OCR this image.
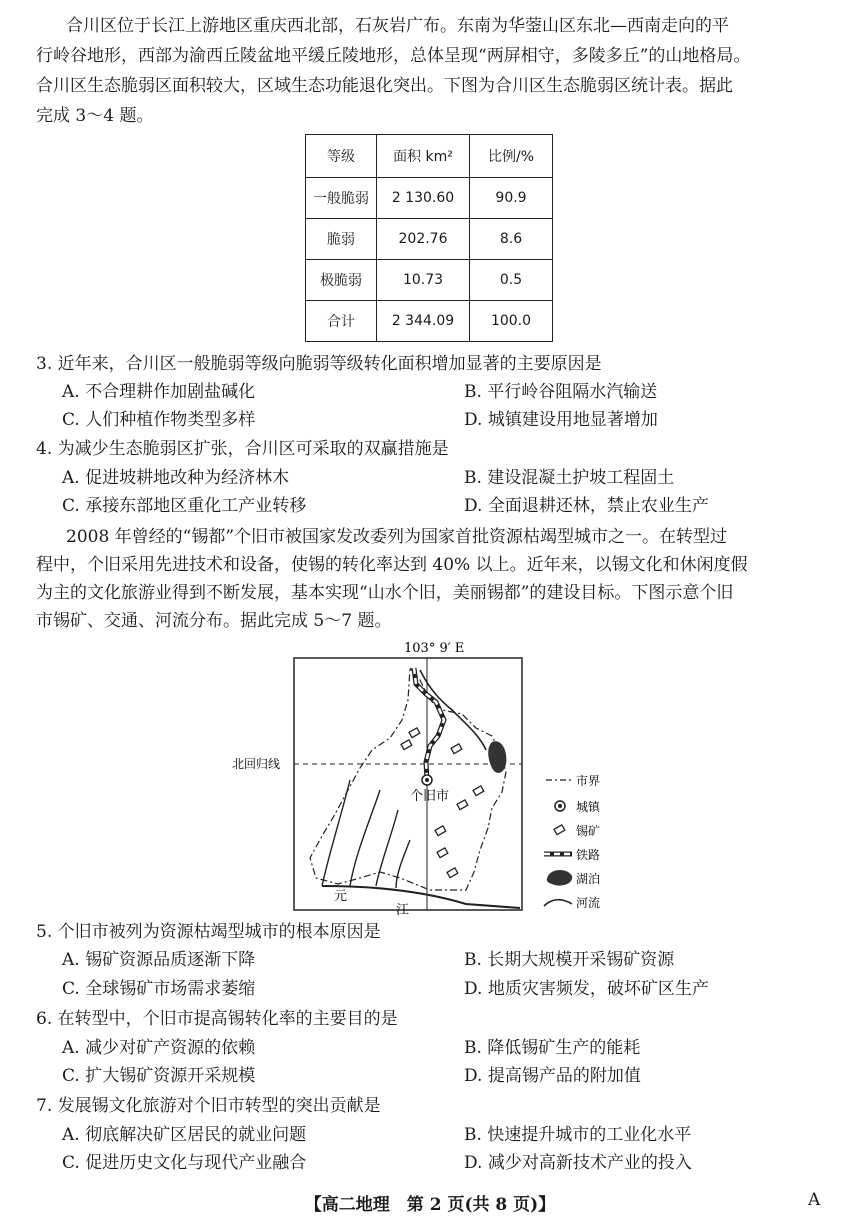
合川区位于长江上游地区重庆西北部，石灰岩广布。东南为华蓥山区东北—西南走向的平
行岭谷地形，西部为渝西丘陵盆地平缓丘陵地形，总体呈现“两屏相守，多陵多丘”的山地格局。
合川区生态脆弱区面积较大，区域生态功能退化突出。下图为合川区生态脆弱区统计表。据此
完成 3～4 题。
等级	面积 km²	比例/%
一般脆弱	2 130.60	90.9
脆弱	202.76	8.6
极脆弱	10.73	0.5
合计	2 344.09	100.0
3. 近年来，合川区一般脆弱等级向脆弱等级转化面积增加显著的主要原因是
A. 不合理耕作加剧盐碱化	B. 平行岭谷阻隔水汽输送
C. 人们种植作物类型多样	D. 城镇建设用地显著增加
4. 为减少生态脆弱区扩张，合川区可采取的双赢措施是
A. 促进坡耕地改种为经济林木	B. 建设混凝土护坡工程固土
C. 承接东部地区重化工产业转移	D. 全面退耕还林，禁止农业生产
2008 年曾经的“锡都”个旧市被国家发改委列为国家首批资源枯竭型城市之一。在转型过
程中，个旧采用先进技术和设备，使锡的转化率达到 40% 以上。近年来，以锡文化和休闲度假
为主的文化旅游业得到不断发展，基本实现“山水个旧，美丽锡都”的建设目标。下图示意个旧
市锡矿、交通、河流分布。据此完成 5～7 题。
103° 9′ E
北回归线
个旧市
元
江
市界
城镇
锡矿
铁路
湖泊
河流
5. 个旧市被列为资源枯竭型城市的根本原因是
A. 锡矿资源品质逐渐下降	B. 长期大规模开采锡矿资源
C. 全球锡矿市场需求萎缩	D. 地质灾害频发，破坏矿区生产
6. 在转型中，个旧市提高锡转化率的主要目的是
A. 减少对矿产资源的依赖	B. 降低锡矿生产的能耗
C. 扩大锡矿资源开采规模	D. 提高锡产品的附加值
7. 发展锡文化旅游对个旧市转型的突出贡献是
A. 彻底解决矿区居民的就业问题	B. 快速提升城市的工业化水平
C. 促进历史文化与现代产业融合	D. 减少对高新技术产业的投入
【高二地理　第 2 页(共 8 页)】	A
